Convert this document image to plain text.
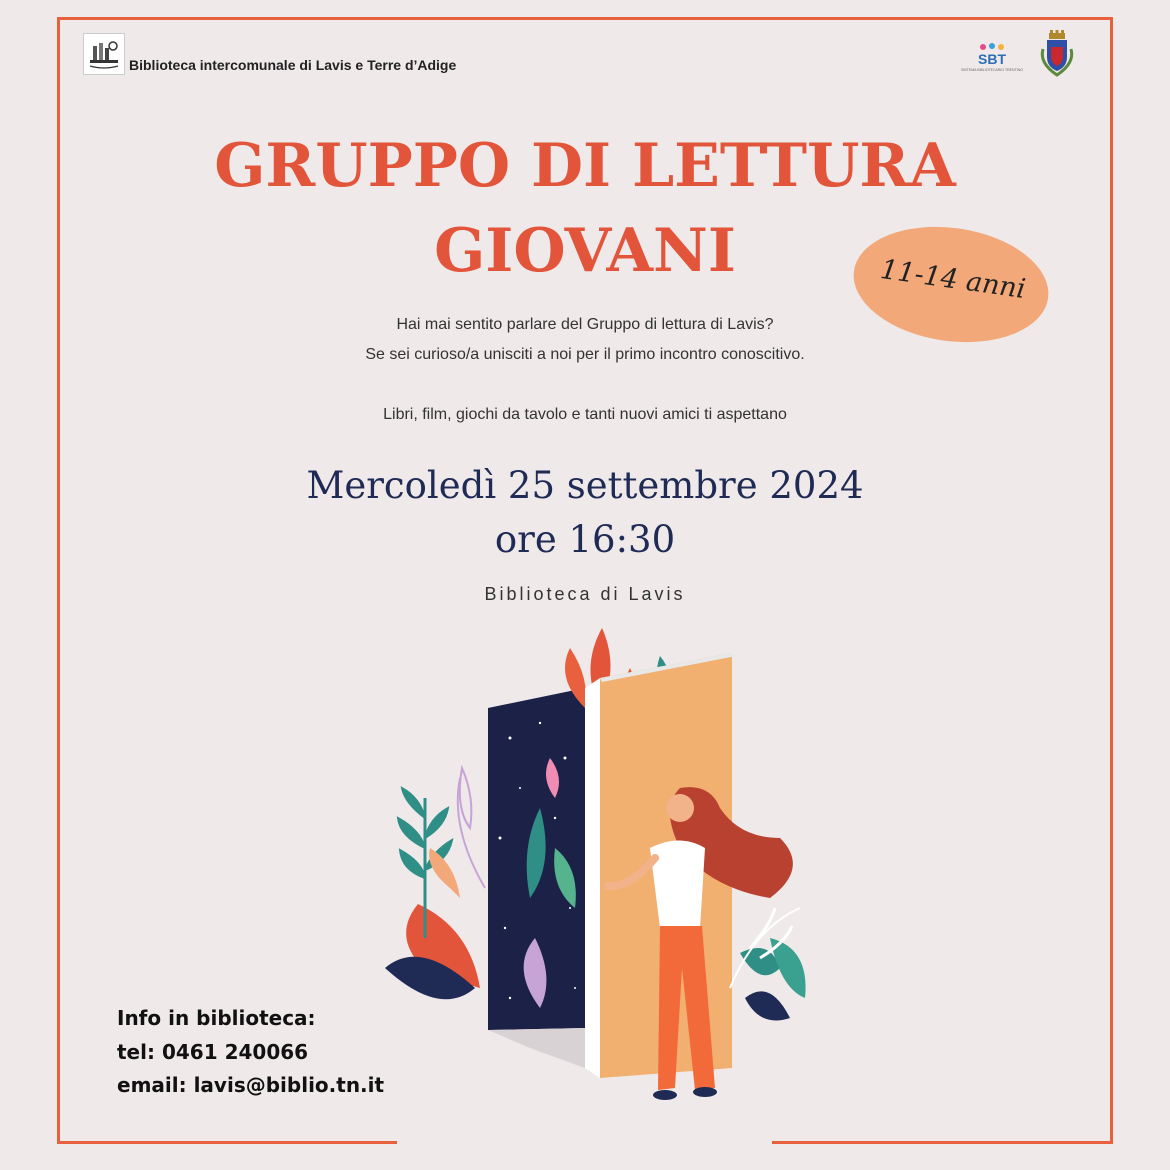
Biblioteca intercomunale di Lavis e Terre d’Adige	SBT
SISTEMA BIBLIOTECARIO TRENTINO
GRUPPO DI LETTURA
GIOVANI	11-14 anni
Hai mai sentito parlare del Gruppo di lettura di Lavis?
Se sei curioso/a unisciti a noi per il primo incontro conoscitivo.
Libri, film, giochi da tavolo e tanti nuovi amici ti aspettano
Mercoledì 25 settembre 2024
ore 16:30
Biblioteca di Lavis
Info in biblioteca:
tel: 0461 240066
email: lavis@biblio.tn.it
